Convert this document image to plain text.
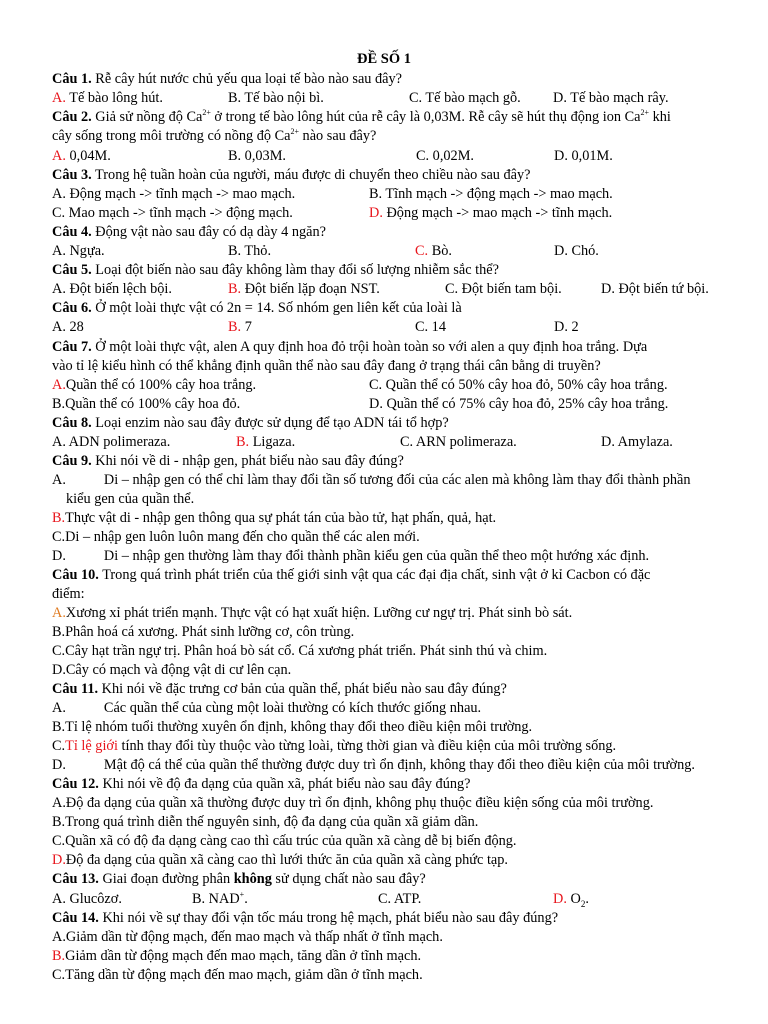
ĐỀ SỐ 1
Câu 1. Rễ cây hút nước chủ yếu qua loại tế bào nào sau đây?
A. Tế bào lông hút.	B. Tế bào nội bì.	C. Tế bào mạch gỗ. D. Tế bào mạch rây.
Câu 2. Giả sử nồng độ $Ca^{2+}$ ở trong tế bào lông hút của rễ cây là 0,03M. Rễ cây sẽ hút thụ động ion $Ca^{2+}$ khi
cây sống trong môi trường có nồng độ $Ca^{2+}$ nào sau đây?
A. 0,04M.	B. 0,03M.	C. 0,02M.	D. 0,01M.
Câu 3. Trong hệ tuần hoàn của người, máu được di chuyển theo chiều nào sau đây?
A. Động mạch -> tĩnh mạch -> mao mạch.	B. Tĩnh mạch -> động mạch -> mao mạch.
C. Mao mạch -> tĩnh mạch -> động mạch.	D. Động mạch -> mao mạch -> tĩnh mạch.
Câu 4. Động vật nào sau đây có dạ dày 4 ngăn?
A. Ngựa.	B. Thỏ.	C. Bò.	D. Chó.
Câu 5. Loại đột biến nào sau đây không làm thay đổi số lượng nhiễm sắc thể?
A. Đột biến lệch bội.	B. Đột biến lặp đoạn NST.	C. Đột biến tam bội.	D. Đột biến tứ bội.
Câu 6. Ở một loài thực vật có 2n = 14. Số nhóm gen liên kết của loài là
A. 28	B. 7	C. 14	D. 2
Câu 7. Ở một loài thực vật, alen A quy định hoa đỏ trội hoàn toàn so với alen a quy định hoa trắng. Dựa
vào tỉ lệ kiểu hình có thể khẳng định quần thể nào sau đây đang ở trạng thái cân bằng di truyền?
A.Quần thể có 100% cây hoa trắng.	C. Quần thể có 50% cây hoa đỏ, 50% cây hoa trắng.
B.Quần thể có 100% cây hoa đỏ.	D. Quần thể có 75% cây hoa đỏ, 25% cây hoa trắng.
Câu 8. Loại enzim nào sau đây được sử dụng để tạo ADN tái tổ hợp?
A. ADN polimeraza.	B. Ligaza.	C. ARN polimeraza.	D. Amylaza.
Câu 9. Khi nói về di - nhập gen, phát biểu nào sau đây đúng?
A.	Di – nhập gen có thể chỉ làm thay đổi tần số tương đối của các alen mà không làm thay đổi thành phần
kiểu gen của quần thể.
B.Thực vật di - nhập gen thông qua sự phát tán của bào tử, hạt phấn, quả, hạt.
C.Di – nhập gen luôn luôn mang đến cho quần thể các alen mới.
D.	Di – nhập gen thường làm thay đổi thành phần kiểu gen của quần thể theo một hướng xác định.
Câu 10. Trong quá trình phát triển của thế giới sinh vật qua các đại địa chất, sinh vật ở kỉ Cacbon có đặc
điểm:
A.Xương xỉ phát triển mạnh. Thực vật có hạt xuất hiện. Lưỡng cư ngự trị. Phát sinh bò sát.
B.Phân hoá cá xương. Phát sinh lưỡng cơ, côn trùng.
C.Cây hạt trần ngự trị. Phân hoá bò sát cổ. Cá xương phát triển. Phát sinh thú và chim.
D.Cây có mạch và động vật di cư lên cạn.
Câu 11. Khi nói về đặc trưng cơ bản của quần thể, phát biểu nào sau đây đúng?
A.	Các quần thể của cùng một loài thường có kích thước giống nhau.
B.Tỉ lệ nhóm tuổi thường xuyên ổn định, không thay đổi theo điều kiện môi trường.
C.Tỉ lệ giới tính thay đổi tùy thuộc vào từng loài, từng thời gian và điều kiện của môi trường sống.
D.	Mật độ cá thể của quần thể thường được duy trì ổn định, không thay đổi theo điều kiện của môi trường.
Câu 12. Khi nói về độ đa dạng của quần xã, phát biểu nào sau đây đúng?
A.Độ đa dạng của quần xã thường được duy trì ổn định, không phụ thuộc điều kiện sống của môi trường.
B.Trong quá trình diễn thế nguyên sinh, độ đa dạng của quần xã giảm dần.
C.Quần xã có độ đa dạng càng cao thì cấu trúc của quần xã càng dễ bị biến động.
D.Độ đa dạng của quần xã càng cao thì lưới thức ăn của quần xã càng phức tạp.
Câu 13. Giai đoạn đường phân không sử dụng chất nào sau đây?
A. Glucôzơ.	B. NAD+.	C. ATP.	D. $O_2$.
Câu 14. Khi nói về sự thay đổi vận tốc máu trong hệ mạch, phát biểu nào sau đây đúng?
A.Giảm dần từ động mạch, đến mao mạch và thấp nhất ở tĩnh mạch.
B.Giảm dần từ động mạch đến mao mạch, tăng dần ở tĩnh mạch.
C.Tăng dần từ động mạch đến mao mạch, giảm dần ở tĩnh mạch.
